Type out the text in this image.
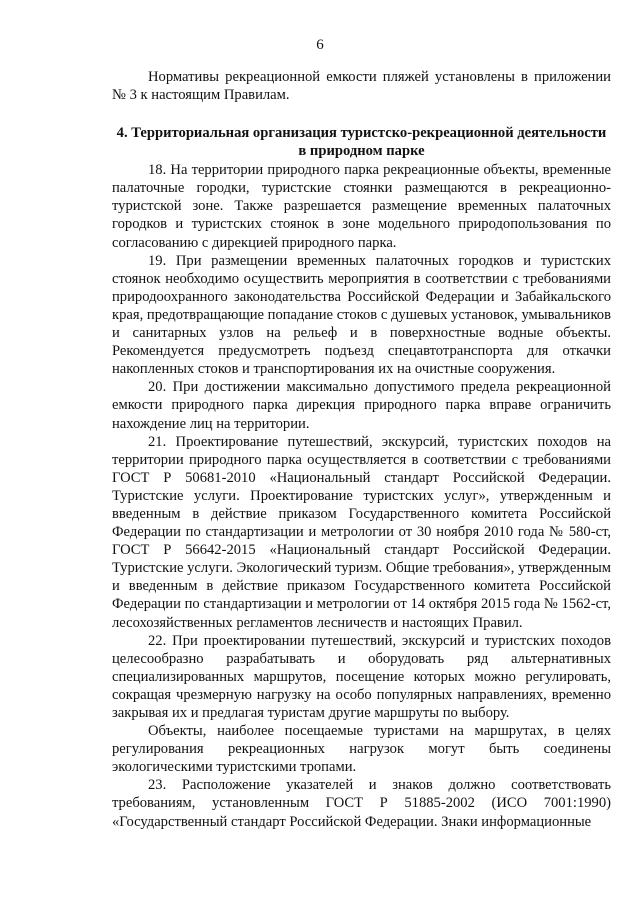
6

Нормативы рекреационной емкости пляжей установлены в приложении № 3 к настоящим Правилам.

4. Территориальная организация туристско-рекреационной деятельности в природном парке

18. На территории природного парка рекреационные объекты, временные палаточные городки, туристские стоянки размещаются в рекреационно-туристской зоне. Также разрешается размещение временных палаточных городков и туристских стоянок в зоне модельного природопользования по согласованию с дирекцией природного парка.

19. При размещении временных палаточных городков и туристских стоянок необходимо осуществить мероприятия в соответствии с требованиями природоохранного законодательства Российской Федерации и Забайкальского края, предотвращающие попадание стоков с душевых установок, умывальников и санитарных узлов на рельеф и в поверхностные водные объекты. Рекомендуется предусмотреть подъезд спецавтотранспорта для откачки накопленных стоков и транспортирования их на очистные сооружения.

20. При достижении максимально допустимого предела рекреационной емкости природного парка дирекция природного парка вправе ограничить нахождение лиц на территории.

21. Проектирование путешествий, экскурсий, туристских походов на территории природного парка осуществляется в соответствии с требованиями ГОСТ Р 50681-2010 «Национальный стандарт Российской Федерации. Туристские услуги. Проектирование туристских услуг», утвержденным и введенным в действие приказом Государственного комитета Российской Федерации по стандартизации и метрологии от 30 ноября 2010 года № 580-ст, ГОСТ Р 56642-2015 «Национальный стандарт Российской Федерации. Туристские услуги. Экологический туризм. Общие требования», утвержденным и введенным в действие приказом Государственного комитета Российской Федерации по стандартизации и метрологии от 14 октября 2015 года № 1562-ст, лесохозяйственных регламентов лесничеств и настоящих Правил.

22. При проектировании путешествий, экскурсий и туристских походов целесообразно разрабатывать и оборудовать ряд альтернативных специализированных маршрутов, посещение которых можно регулировать, сокращая чрезмерную нагрузку на особо популярных направлениях, временно закрывая их и предлагая туристам другие маршруты по выбору.

Объекты, наиболее посещаемые туристами на маршрутах, в целях регулирования рекреационных нагрузок могут быть соединены экологическими туристскими тропами.

23. Расположение указателей и знаков должно соответствовать требованиям, установленным ГОСТ Р 51885-2002 (ИСО 7001:1990) «Государственный стандарт Российской Федерации. Знаки информационные
